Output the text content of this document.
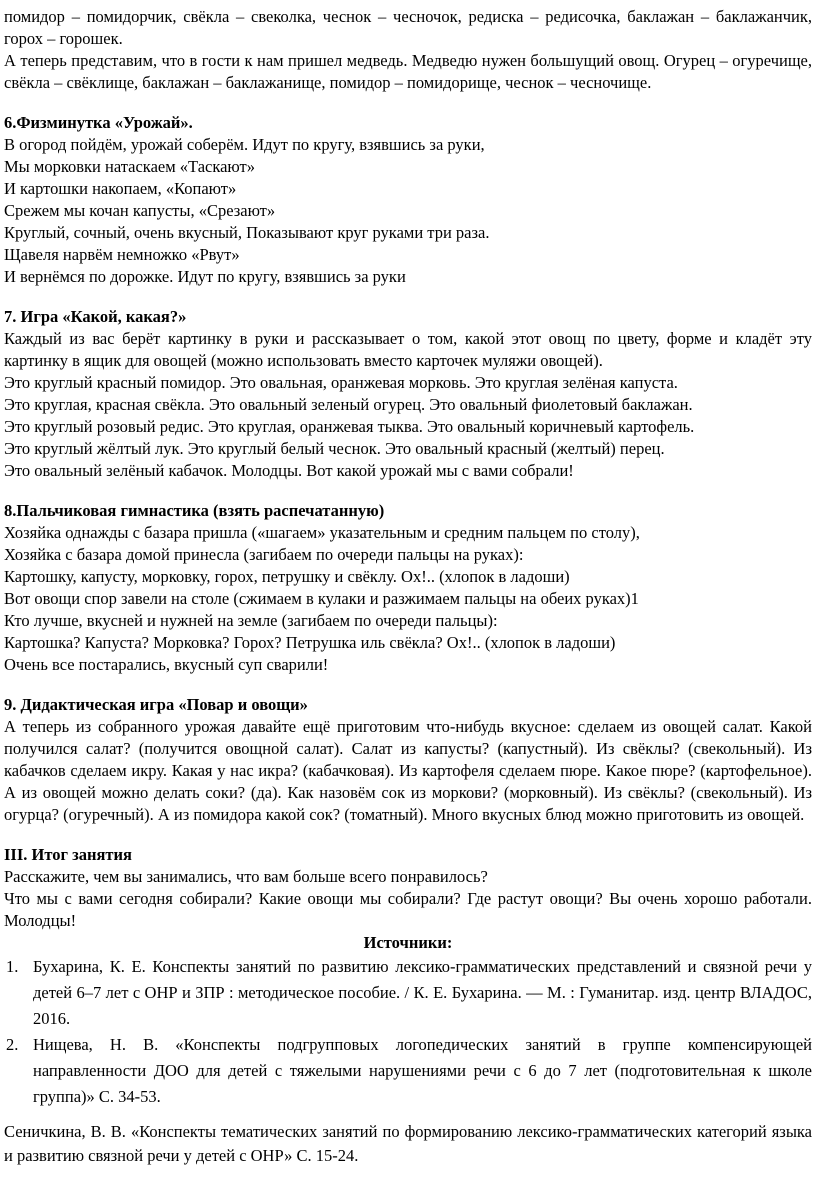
помидор – помидорчик, свёкла – свеколка, чеснок – чесночок, редиска – редисочка, баклажан – баклажанчик, горох – горошек.
А теперь представим, что в гости к нам пришел медведь. Медведю нужен большущий овощ. Огурец – огуречище, свёкла – свёклище, баклажан – баклажанище, помидор – помидорище, чеснок – чесночище.
6.Физминутка «Урожай».
В огород пойдём, урожай соберём. Идут по кругу, взявшись за руки,
Мы морковки натаскаем «Таскают»
И картошки накопаем, «Копают»
Срежем мы кочан капусты, «Срезают»
Круглый, сочный, очень вкусный, Показывают круг руками три раза.
Щавеля нарвём немножко «Рвут»
И вернёмся по дорожке. Идут по кругу, взявшись за руки
7. Игра «Какой, какая?»
Каждый из вас берёт картинку в руки и рассказывает о том, какой этот овощ по цвету, форме и кладёт эту картинку в ящик для овощей (можно использовать вместо карточек муляжи овощей).
Это круглый красный помидор. Это овальная, оранжевая морковь. Это круглая зелёная капуста.
Это круглая, красная свёкла. Это овальный зеленый огурец. Это овальный фиолетовый баклажан.
Это круглый розовый редис. Это круглая, оранжевая тыква. Это овальный коричневый картофель.
Это круглый жёлтый лук. Это круглый белый чеснок. Это овальный красный (желтый) перец.
Это овальный зелёный кабачок. Молодцы. Вот какой урожай мы с вами собрали!
8.Пальчиковая гимнастика (взять распечатанную)
Хозяйка однажды с базара пришла («шагаем» указательным и средним пальцем по столу),
Хозяйка с базара домой принесла (загибаем по очереди пальцы на руках):
Картошку, капусту, морковку, горох, петрушку и свёклу. Ох!.. (хлопок в ладоши)
Вот овощи спор завели на столе (сжимаем в кулаки и разжимаем пальцы на обеих руках)1
Кто лучше, вкусней и нужней на земле (загибаем по очереди пальцы):
Картошка? Капуста? Морковка? Горох? Петрушка иль свёкла? Ох!.. (хлопок в ладоши)
Очень все постарались, вкусный суп сварили!
9. Дидактическая игра «Повар и овощи»
А теперь из собранного урожая давайте ещё приготовим что-нибудь вкусное: сделаем из овощей салат. Какой получился салат? (получится овощной салат). Салат из капусты? (капустный). Из свёклы? (свекольный). Из кабачков сделаем икру. Какая у нас икра? (кабачковая). Из картофеля сделаем пюре. Какое пюре? (картофельное). А из овощей можно делать соки? (да). Как назовём сок из моркови? (морковный). Из свёклы? (свекольный). Из огурца? (огуречный). А из помидора какой сок? (томатный). Много вкусных блюд можно приготовить из овощей.
III. Итог занятия
Расскажите, чем вы занимались, что вам больше всего понравилось?
Что мы с вами сегодня собирали? Какие овощи мы собирали? Где растут овощи? Вы очень хорошо работали. Молодцы!
Источники:
1. Бухарина, К. Е. Конспекты занятий по развитию лексико-грамматических представлений и связной речи у детей 6–7 лет с ОНР и ЗПР : методическое пособие. / К. Е. Бухарина. — М. : Гуманитар. изд. центр ВЛАДОС, 2016.
2. Нищева, Н. В. «Конспекты подгрупповых логопедических занятий в группе компенсирующей направленности ДОО для детей с тяжелыми нарушениями речи с 6 до 7 лет (подготовительная к школе группа)» С. 34-53.
Сеничкина, В. В. «Конспекты тематических занятий по формированию лексико-грамматических категорий языка и развитию связной речи у детей с ОНР» С. 15-24.
